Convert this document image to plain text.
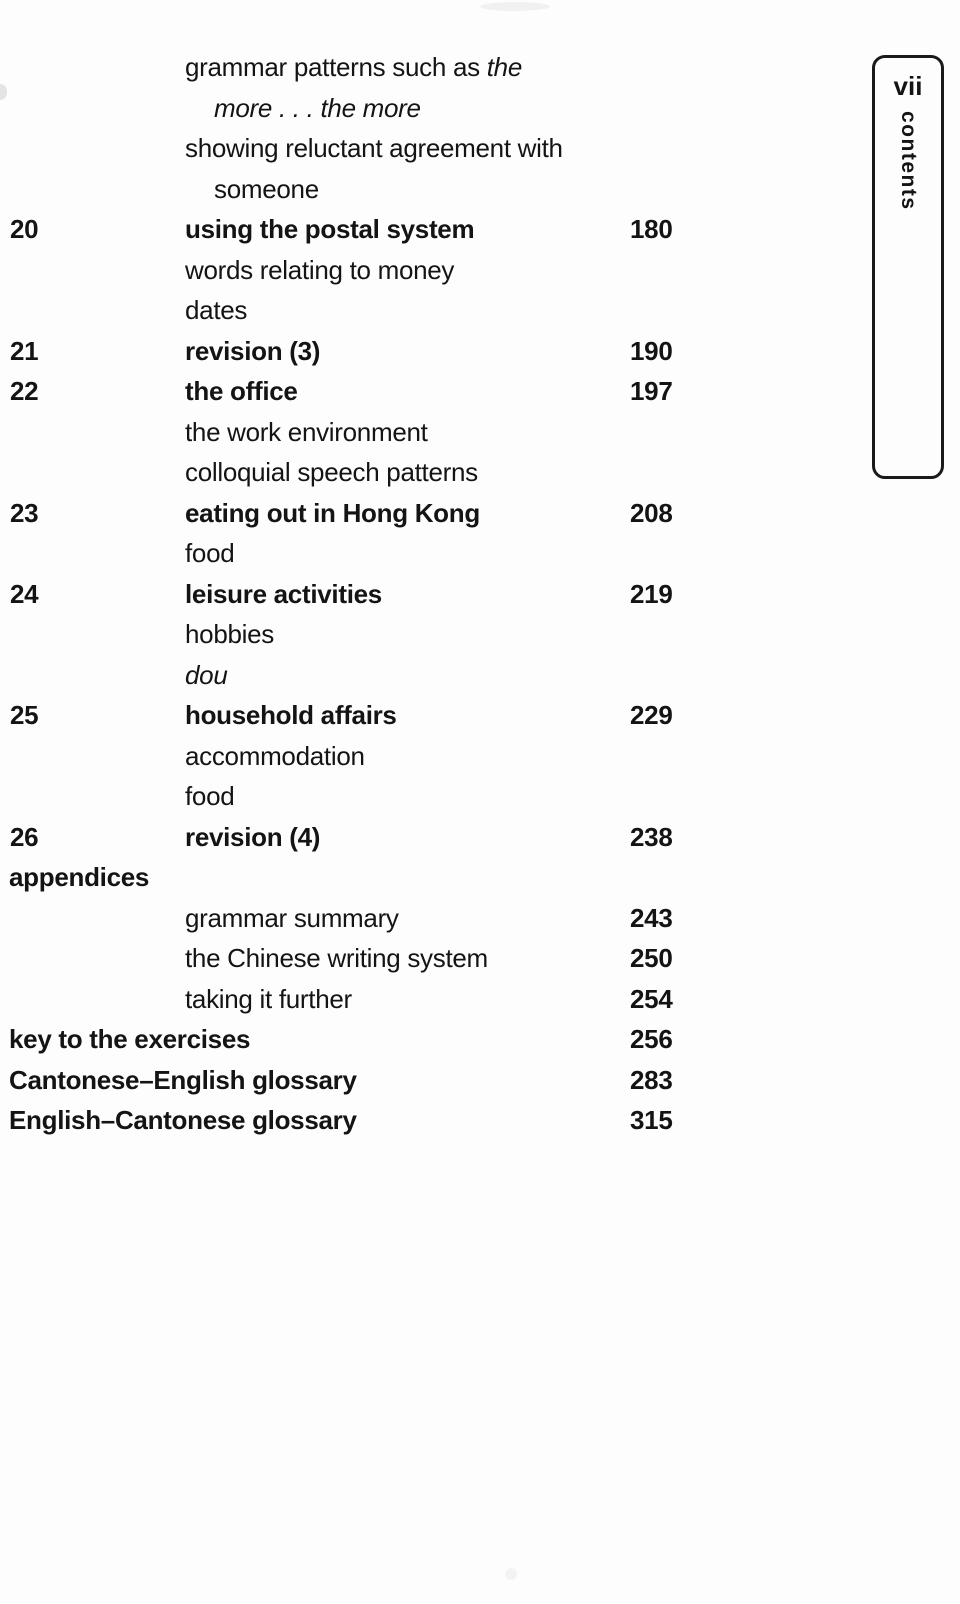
grammar patterns such as the
more . . . the more
showing reluctant agreement with
someone
20	using the postal system	180
words relating to money
dates
21	revision (3)	190
22	the office	197
the work environment
colloquial speech patterns
23	eating out in Hong Kong	208
food
24	leisure activities	219
hobbies
dou
25	household affairs	229
accommodation
food
26	revision (4)	238
appendices
grammar summary	243
the Chinese writing system	250
taking it further	254
key to the exercises	256
Cantonese–English glossary	283
English–Cantonese glossary	315
vii
contents
